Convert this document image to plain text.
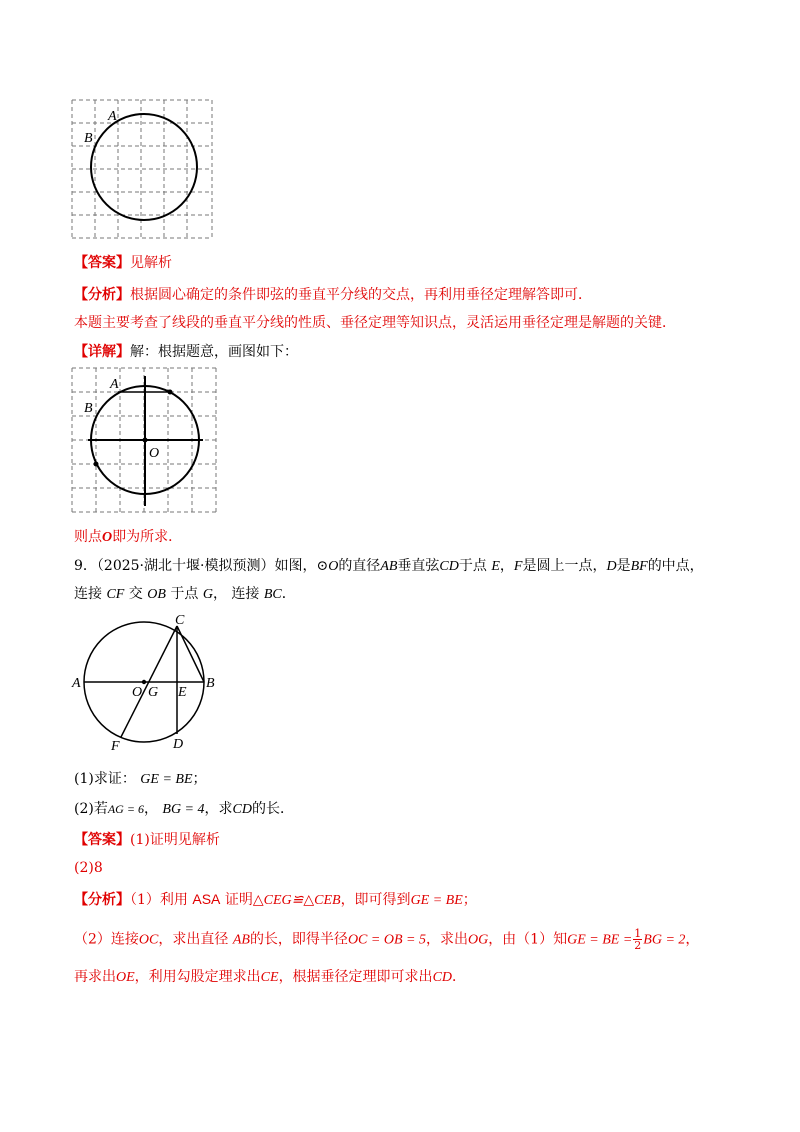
A
B
【答案】见解析
【分析】根据圆心确定的条件即弦的垂直平分线的交点，再利用垂径定理解答即可．
本题主要考查了线段的垂直平分线的性质、垂径定理等知识点，灵活运用垂径定理是解题的关键．
【详解】解：根据题意，画图如下：
A
B
O
则点O即为所求．
9．（2025·湖北十堰·模拟预测）如图，⊙O的直径AB垂直弦CD于点 E，F是圆上一点，D是BF的中点，
连接 CF 交 OB 于点 G， 连接 BC．
C
A
O G E
B
F	D
(1)求证： GE = BE；
(2)若AG = 6， BG = 4，求CD的长．
【答案】(1)证明见解析
(2)8
【分析】（1）利用 ASA 证明△CEG≌△CEB，即可得到GE = BE；
（2）连接OC，求出直径 AB的长，即得半径OC = OB = 5，求出OG，由（1）知GE = BE = $\frac{1}{2}$ BG = 2，
再求出OE，利用勾股定理求出CE，根据垂径定理即可求出CD．
